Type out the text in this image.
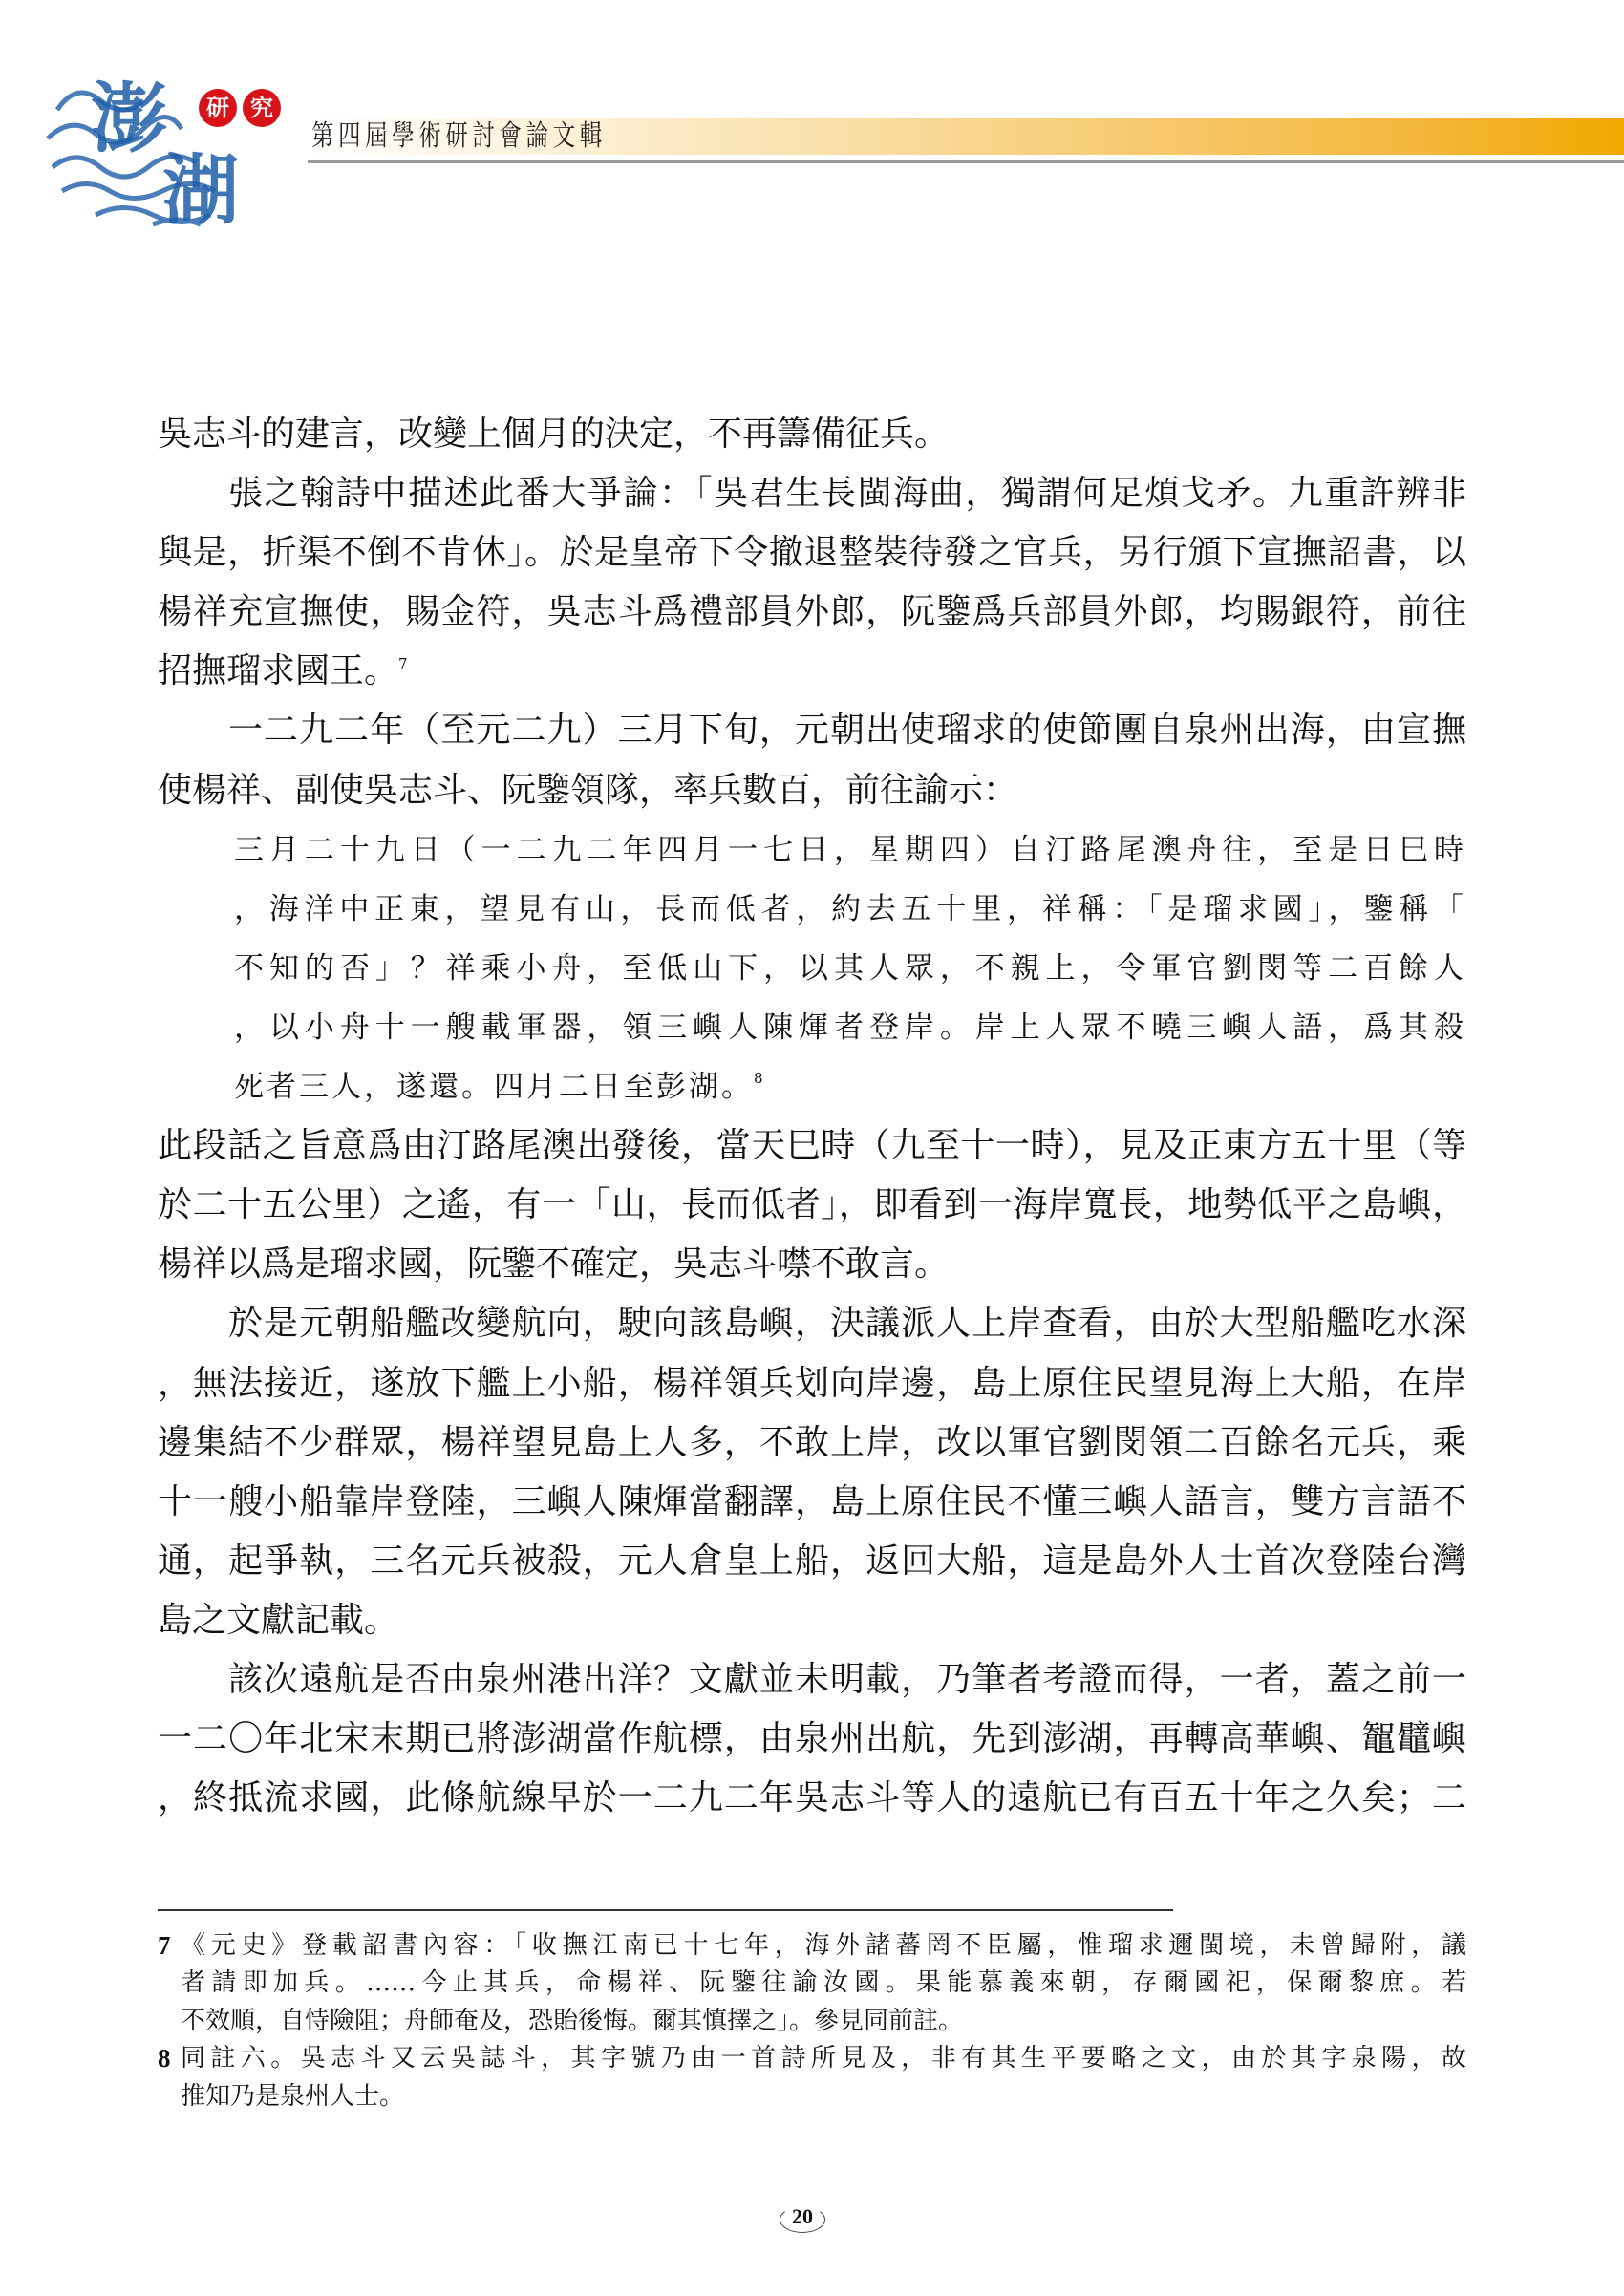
澎
湖
研 究
第四屆學術研討會論文輯
吳志斗的建言，改變上個月的決定，不再籌備征兵。
張之翰詩中描述此番大爭論：「吳君生長閩海曲，獨謂何足煩戈矛。九重許辨非
與是，折渠不倒不肯休」。於是皇帝下令撤退整裝待發之官兵，另行頒下宣撫詔書，以
楊祥充宣撫使，賜金符，吳志斗爲禮部員外郎，阮鑒爲兵部員外郎，均賜銀符，前往
招撫瑠求國王。$^7$
一二九二年（至元二九）三月下旬，元朝出使瑠求的使節團自泉州出海，由宣撫
使楊祥、副使吳志斗、阮鑒領隊，率兵數百，前往諭示：
三月二十九日（一二九二年四月一七日，星期四）自汀路尾澳舟往，至是日巳時
，海洋中正東，望見有山，長而低者，約去五十里，祥稱：「是瑠求國」，鑒稱「
不知的否」？祥乘小舟，至低山下，以其人眾，不親上，令軍官劉閔等二百餘人
，以小舟十一艘載軍器，領三嶼人陳煇者登岸。岸上人眾不曉三嶼人語，爲其殺
死者三人，遂還。四月二日至彭湖。$^8$
此段話之旨意爲由汀路尾澳出發後，當天巳時（九至十一時），見及正東方五十里（等
於二十五公里）之遙，有一「山，長而低者」，即看到一海岸寬長，地勢低平之島嶼，
楊祥以爲是瑠求國，阮鑒不確定，吳志斗噤不敢言。
於是元朝船艦改變航向，駛向該島嶼，決議派人上岸查看，由於大型船艦吃水深
，無法接近，遂放下艦上小船，楊祥領兵划向岸邊，島上原住民望見海上大船，在岸
邊集結不少群眾，楊祥望見島上人多，不敢上岸，改以軍官劉閔領二百餘名元兵，乘
十一艘小船靠岸登陸，三嶼人陳煇當翻譯，島上原住民不懂三嶼人語言，雙方言語不
通，起爭執，三名元兵被殺，元人倉皇上船，返回大船，這是島外人士首次登陸台灣
島之文獻記載。
該次遠航是否由泉州港出洋？文獻並未明載，乃筆者考證而得，一者，蓋之前一
一二〇年北宋末期已將澎湖當作航標，由泉州出航，先到澎湖，再轉高華嶼、鼅鼊嶼
，終抵流求國，此條航線早於一二九二年吳志斗等人的遠航已有百五十年之久矣；二
7 《元史》登載詔書內容：「收撫江南已十七年，海外諸蕃罔不臣屬，惟瑠求邇閩境，未曾歸附，議
者請即加兵。……今止其兵，命楊祥、阮鑒往諭汝國。果能慕義來朝，存爾國祀，保爾黎庶。若
不效順，自恃險阻；舟師奄及，恐貽後悔。爾其慎擇之」。參見同前註。
8 同註六。吳志斗又云吳誌斗，其字號乃由一首詩所見及，非有其生平要略之文，由於其字泉陽，故
推知乃是泉州人士。
20
